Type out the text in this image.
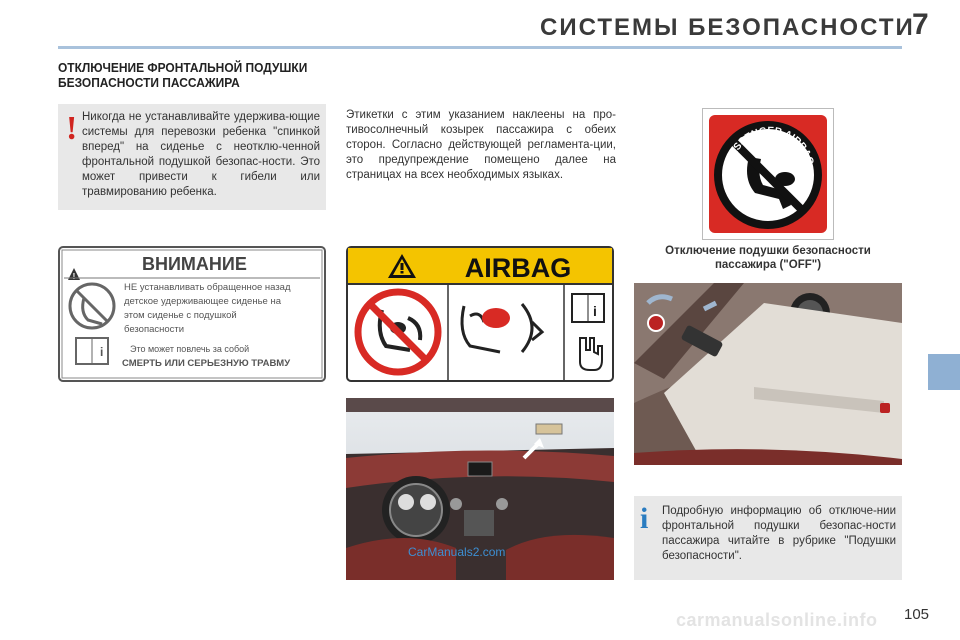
СИСТЕМЫ БЕЗОПАСНОСТИ
7
ОТКЛЮЧЕНИЕ ФРОНТАЛЬНОЙ ПОДУШКИ БЕЗОПАСНОСТИ ПАССАЖИРА
! Никогда не устанавливайте удержива-ющие системы для перевозки ребенка "спинкой вперед" на сиденье с неотклю-ченной фронтальной подушкой безопас-ности. Это может привести к гибели или травмированию ребенка.
Этикетки с этим указанием наклеены на про-тивосолнечный козырек пассажира с обеих сторон. Согласно действующей регламента-ции, это предупреждение помещено далее на страницах на всех необходимых языках.
PASSENGER AIRBAG
Отключение подушки безопасности пассажира ("OFF")
!
ВНИМАНИЕ
i
НЕ устанавливать обращенное назад
детское удерживающее сиденье на
этом сиденье с подушкой
безопасности
Это может повлечь за собой
СМЕРТЬ ИЛИ СЕРЬЕЗНУЮ ТРАВМУ
AIRBAG
i
CarManuals2.com
i Подробную информацию об отключе-нии фронтальной подушки безопас-ности пассажира читайте в рубрике "Подушки безопасности".
105
carmanualsonline.info
